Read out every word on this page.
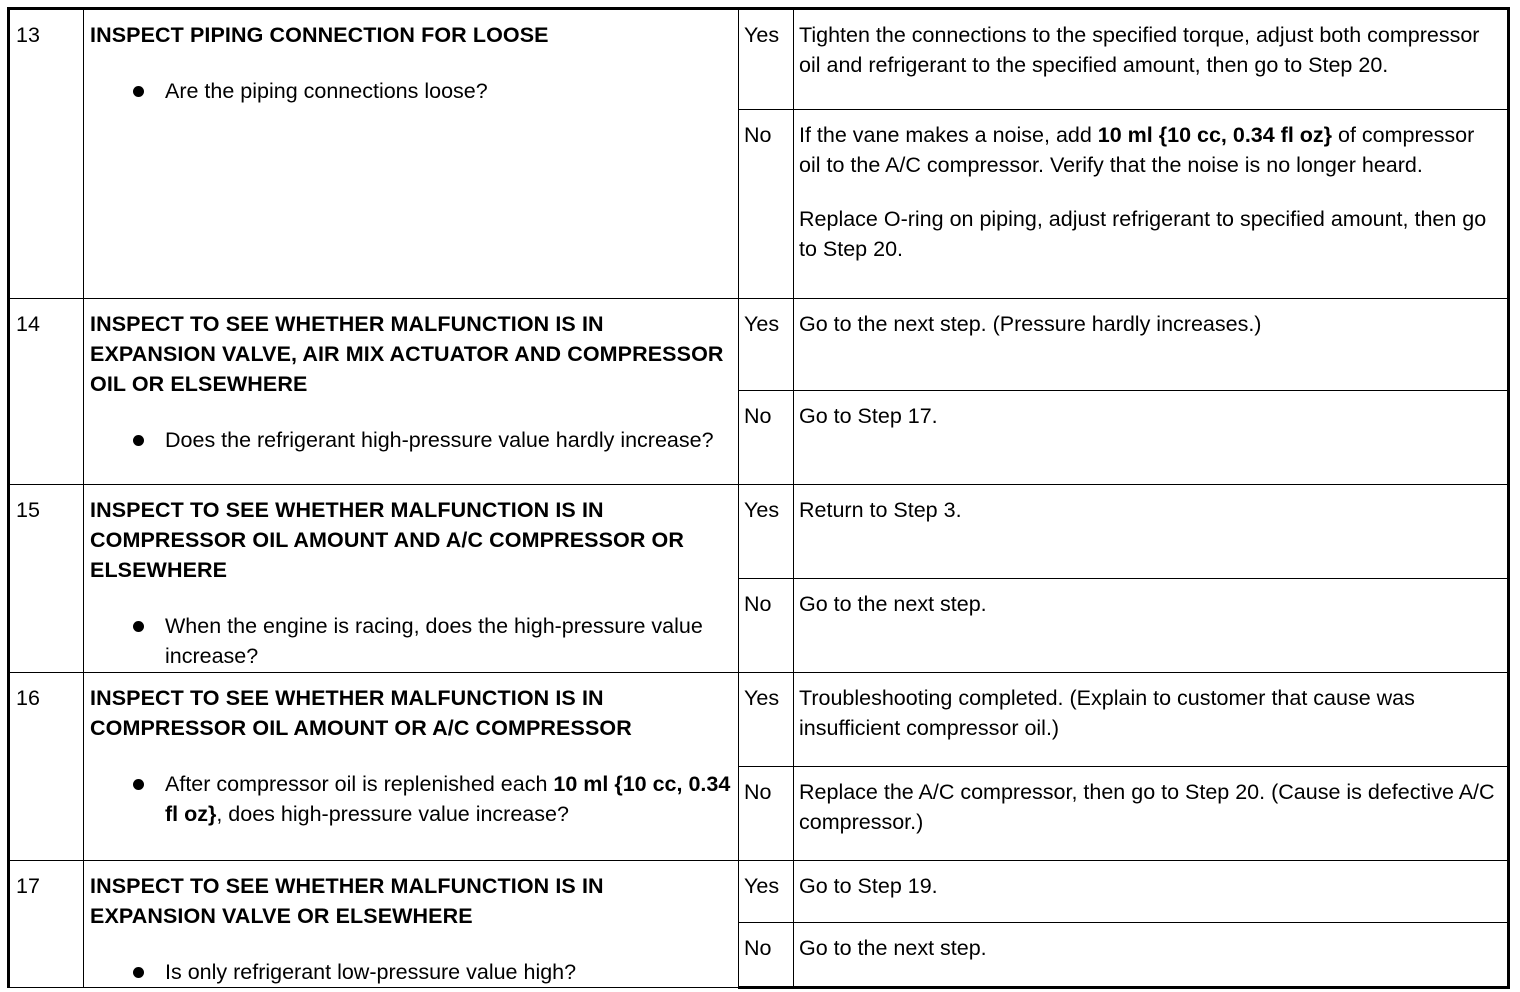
13	INSPECT PIPING CONNECTION FOR LOOSE
Are the piping connections loose?	Yes	Tighten the connections to the specified torque, adjust both compressor oil and refrigerant to the specified amount, then go to Step 20.
		No	If the vane makes a noise, add 10 ml {10 cc, 0.34 fl oz} of compressor oil to the A/C compressor. Verify that the noise is no longer heard.
Replace O-ring on piping, adjust refrigerant to specified amount, then go to Step 20.

14	INSPECT TO SEE WHETHER MALFUNCTION IS IN EXPANSION VALVE, AIR MIX ACTUATOR AND COMPRESSOR OIL OR ELSEWHERE
Does the refrigerant high-pressure value hardly increase?	Yes	Go to the next step. (Pressure hardly increases.)
		No	Go to Step 17.
15	INSPECT TO SEE WHETHER MALFUNCTION IS IN COMPRESSOR OIL AMOUNT AND A/C COMPRESSOR OR ELSEWHERE
When the engine is racing, does the high-pressure value increase?	Yes	Return to Step 3.
		No	Go to the next step.
16	INSPECT TO SEE WHETHER MALFUNCTION IS IN COMPRESSOR OIL AMOUNT OR A/C COMPRESSOR
After compressor oil is replenished each 10 ml {10 cc, 0.34 fl oz}, does high-pressure value increase?	Yes	Troubleshooting completed. (Explain to customer that cause was insufficient compressor oil.)
		No	Replace the A/C compressor, then go to Step 20. (Cause is defective A/C compressor.)
17	INSPECT TO SEE WHETHER MALFUNCTION IS IN EXPANSION VALVE OR ELSEWHERE
Is only refrigerant low-pressure value high?	Yes	Go to Step 19.
		No	Go to the next step.
